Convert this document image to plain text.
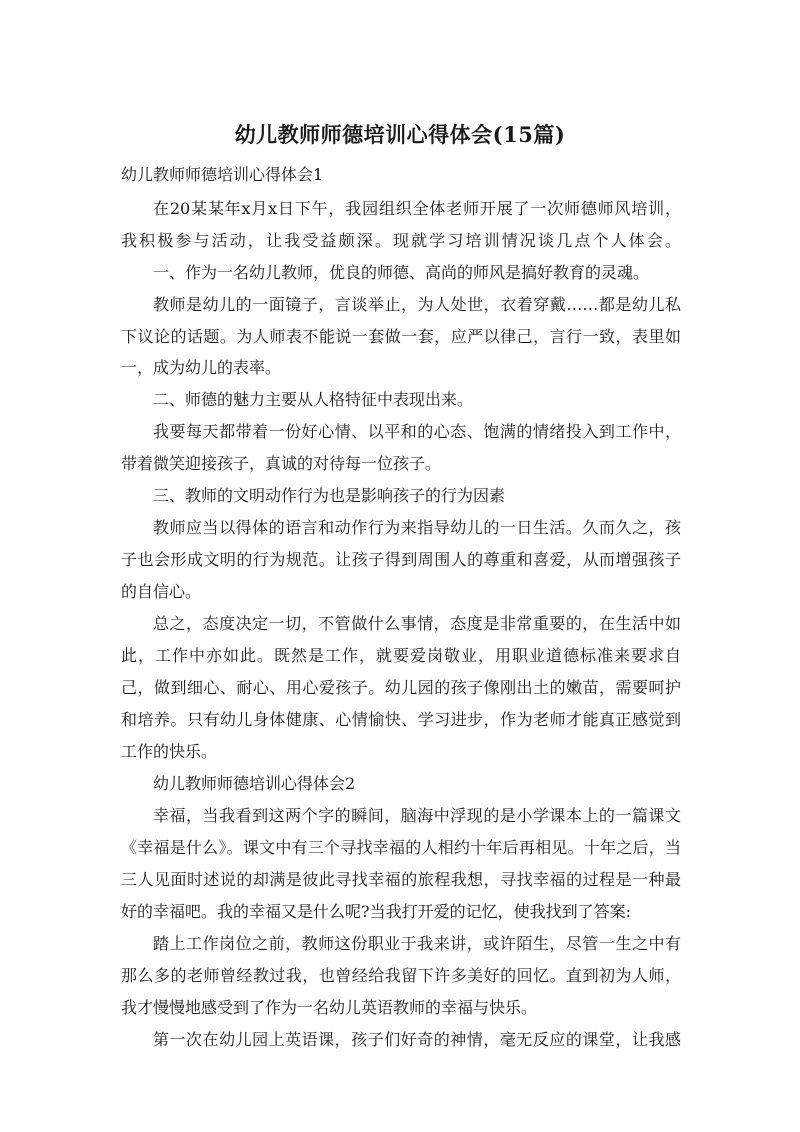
幼儿教师师德培训心得体会(15篇)
幼儿教师师德培训心得体会1
在20某某年x月x日下午，我园组织全体老师开展了一次师德师风培训，
我积极参与活动，让我受益颇深。现就学习培训情况谈几点个人体会。
一、作为一名幼儿教师，优良的师德、高尚的师风是搞好教育的灵魂。
教师是幼儿的一面镜子，言谈举止，为人处世，衣着穿戴……都是幼儿私
下议论的话题。为人师表不能说一套做一套，应严以律己，言行一致，表里如
一，成为幼儿的表率。
二、师德的魅力主要从人格特征中表现出来。
我要每天都带着一份好心情、以平和的心态、饱满的情绪投入到工作中，
带着微笑迎接孩子，真诚的对待每一位孩子。
三、教师的文明动作行为也是影响孩子的行为因素
教师应当以得体的语言和动作行为来指导幼儿的一日生活。久而久之，孩
子也会形成文明的行为规范。让孩子得到周围人的尊重和喜爱，从而增强孩子
的自信心。
总之，态度决定一切，不管做什么事情，态度是非常重要的，在生活中如
此，工作中亦如此。既然是工作，就要爱岗敬业，用职业道德标准来要求自
己，做到细心、耐心、用心爱孩子。幼儿园的孩子像刚出土的嫩苗，需要呵护
和培养。只有幼儿身体健康、心情愉快、学习进步，作为老师才能真正感觉到
工作的快乐。
幼儿教师师德培训心得体会2
幸福，当我看到这两个字的瞬间，脑海中浮现的是小学课本上的一篇课文
《幸福是什么》。课文中有三个寻找幸福的人相约十年后再相见。十年之后，当
三人见面时述说的却满是彼此寻找幸福的旅程我想，寻找幸福的过程是一种最
好的幸福吧。我的幸福又是什么呢?当我打开爱的记忆，使我找到了答案:
踏上工作岗位之前，教师这份职业于我来讲，或许陌生，尽管一生之中有
那么多的老师曾经教过我，也曾经给我留下许多美好的回忆。直到初为人师，
我才慢慢地感受到了作为一名幼儿英语教师的幸福与快乐。
第一次在幼儿园上英语课，孩子们好奇的神情，毫无反应的课堂，让我感
